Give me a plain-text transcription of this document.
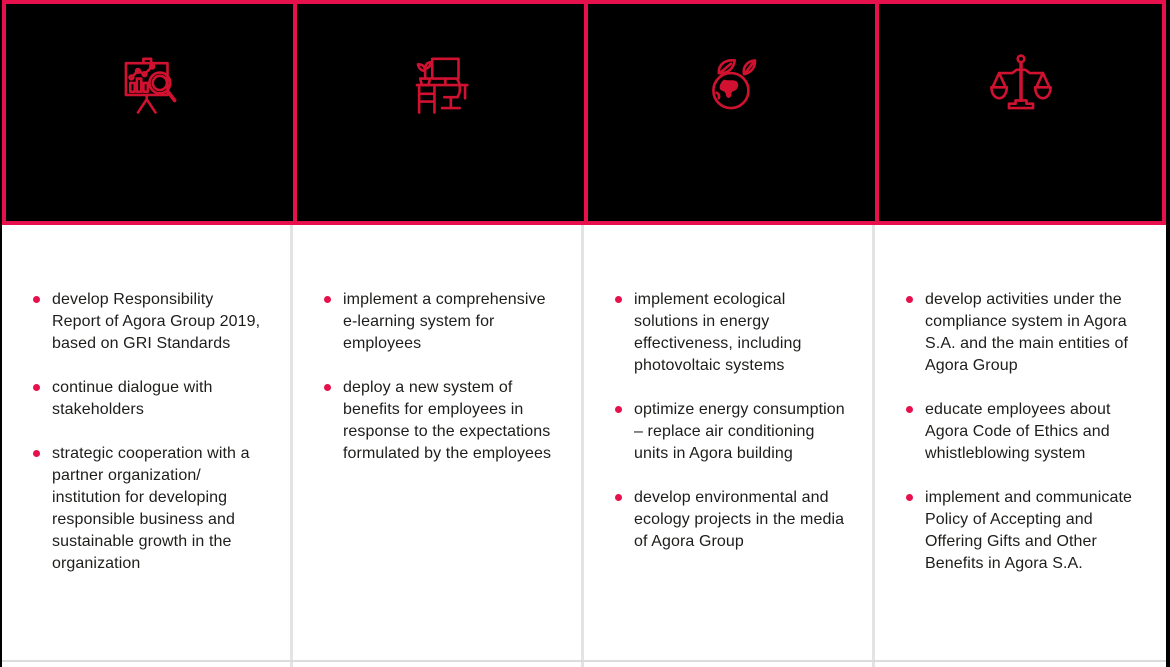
develop Responsibility Report of Agora Group 2019, based on GRI Standards
continue dialogue with stakeholders
strategic cooperation with a partner organization/ institution for developing responsible business and sustainable growth in the organization
implement a comprehensive e-learning system for employees
deploy a new system of benefits for employees in response to the expectations formulated by the employees
implement ecological solutions in energy effectiveness, including photovoltaic systems
optimize energy consumption – replace air conditioning units in Agora building
develop environmental and ecology projects in the media of Agora Group
develop activities under the compliance system in Agora S.A. and the main entities of Agora Group
educate employees about Agora Code of Ethics and whistleblowing system
implement and communicate Policy of Accepting and Offering Gifts and Other Benefits in Agora S.A.
